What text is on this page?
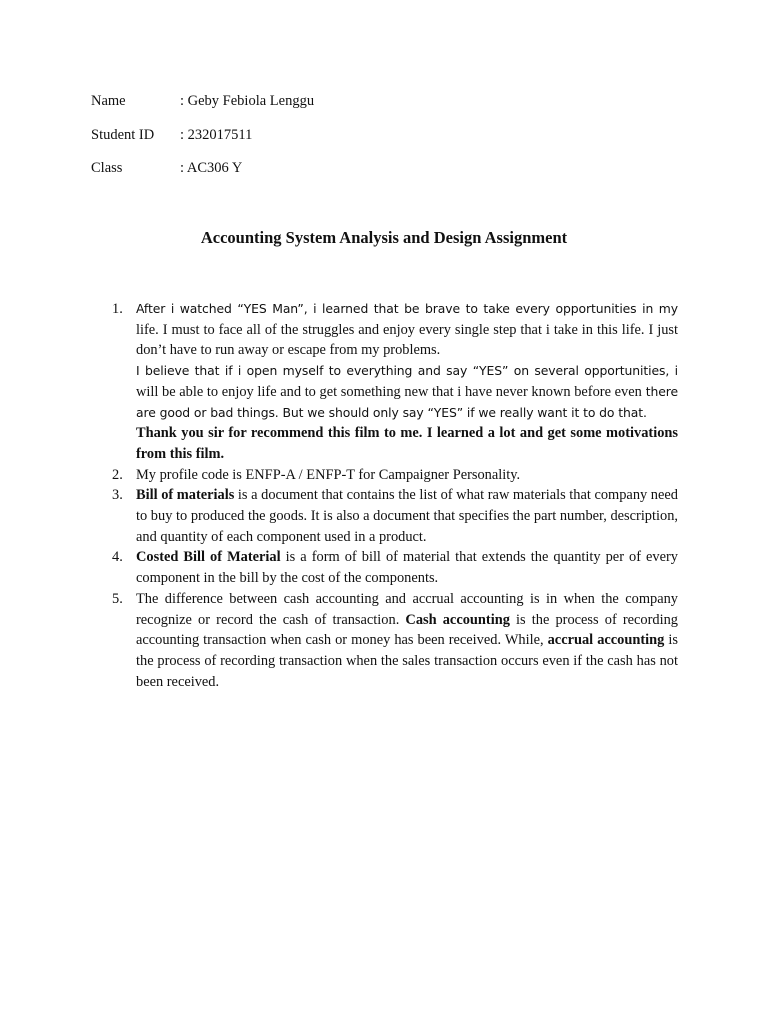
Name	: Geby Febiola Lenggu
Student ID : 232017511
Class	: AC306 Y
Accounting System Analysis and Design Assignment
1. After i watched “YES Man”, i learned that be brave to take every opportunities in my life. I must to face all of the struggles and enjoy every single step that i take in this life. I just don’t have to run away or escape from my problems.

I believe that if i open myself to everything and say “YES” on several opportunities, i will be able to enjoy life and to get something new that i have never known before even there are good or bad things. But we should only say “YES” if we really want it to do that.

Thank you sir for recommend this film to me. I learned a lot and get some motivations from this film.

2. My profile code is ENFP-A / ENFP-T for Campaigner Personality.

3. Bill of materials is a document that contains the list of what raw materials that company need to buy to produced the goods. It is also a document that specifies the part number, description, and quantity of each component used in a product.

4. Costed Bill of Material is a form of bill of material that extends the quantity per of every component in the bill by the cost of the components.

5. The difference between cash accounting and accrual accounting is in when the company recognize or record the cash of transaction. Cash accounting is the process of recording accounting transaction when cash or money has been received. While, accrual accounting is the process of recording transaction when the sales transaction occurs even if the cash has not been received.
